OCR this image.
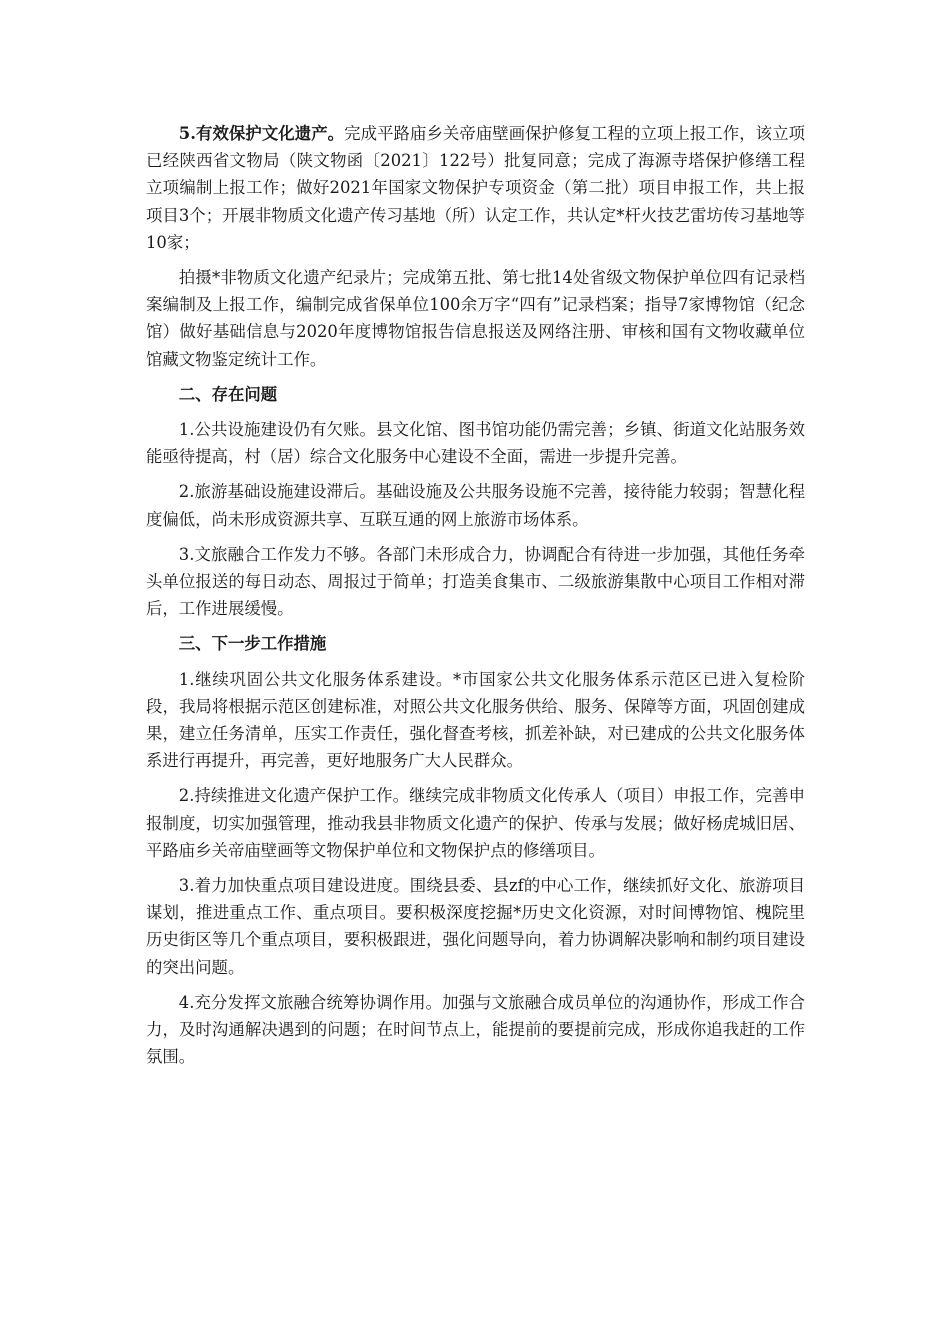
5.有效保护文化遗产。完成平路庙乡关帝庙壁画保护修复工程的立项上报工作，该立项已经陕西省文物局（陕文物函〔2021〕122号）批复同意；完成了海源寺塔保护修缮工程立项编制上报工作；做好2021年国家文物保护专项资金（第二批）项目申报工作，共上报项目3个；开展非物质文化遗产传习基地（所）认定工作，共认定*杆火技艺雷坊传习基地等10家；

拍摄*非物质文化遗产纪录片；完成第五批、第七批14处省级文物保护单位四有记录档案编制及上报工作，编制完成省保单位100余万字“四有”记录档案；指导7家博物馆（纪念馆）做好基础信息与2020年度博物馆报告信息报送及网络注册、审核和国有文物收藏单位馆藏文物鉴定统计工作。

二、存在问题

1.公共设施建设仍有欠账。县文化馆、图书馆功能仍需完善；乡镇、街道文化站服务效能亟待提高，村（居）综合文化服务中心建设不全面，需进一步提升完善。

2.旅游基础设施建设滞后。基础设施及公共服务设施不完善，接待能力较弱；智慧化程度偏低，尚未形成资源共享、互联互通的网上旅游市场体系。

3.文旅融合工作发力不够。各部门未形成合力，协调配合有待进一步加强，其他任务牵头单位报送的每日动态、周报过于简单；打造美食集市、二级旅游集散中心项目工作相对滞后，工作进展缓慢。

三、下一步工作措施

1.继续巩固公共文化服务体系建设。*市国家公共文化服务体系示范区已进入复检阶段，我局将根据示范区创建标准，对照公共文化服务供给、服务、保障等方面，巩固创建成果，建立任务清单，压实工作责任，强化督查考核，抓差补缺，对已建成的公共文化服务体系进行再提升，再完善，更好地服务广大人民群众。

2.持续推进文化遗产保护工作。继续完成非物质文化传承人（项目）申报工作，完善申报制度，切实加强管理，推动我县非物质文化遗产的保护、传承与发展；做好杨虎城旧居、平路庙乡关帝庙壁画等文物保护单位和文物保护点的修缮项目。

3.着力加快重点项目建设进度。围绕县委、县zf的中心工作，继续抓好文化、旅游项目谋划，推进重点工作、重点项目。要积极深度挖掘*历史文化资源，对时间博物馆、槐院里历史街区等几个重点项目，要积极跟进，强化问题导向，着力协调解决影响和制约项目建设的突出问题。

4.充分发挥文旅融合统筹协调作用。加强与文旅融合成员单位的沟通协作，形成工作合力，及时沟通解决遇到的问题；在时间节点上，能提前的要提前完成，形成你追我赶的工作氛围。
